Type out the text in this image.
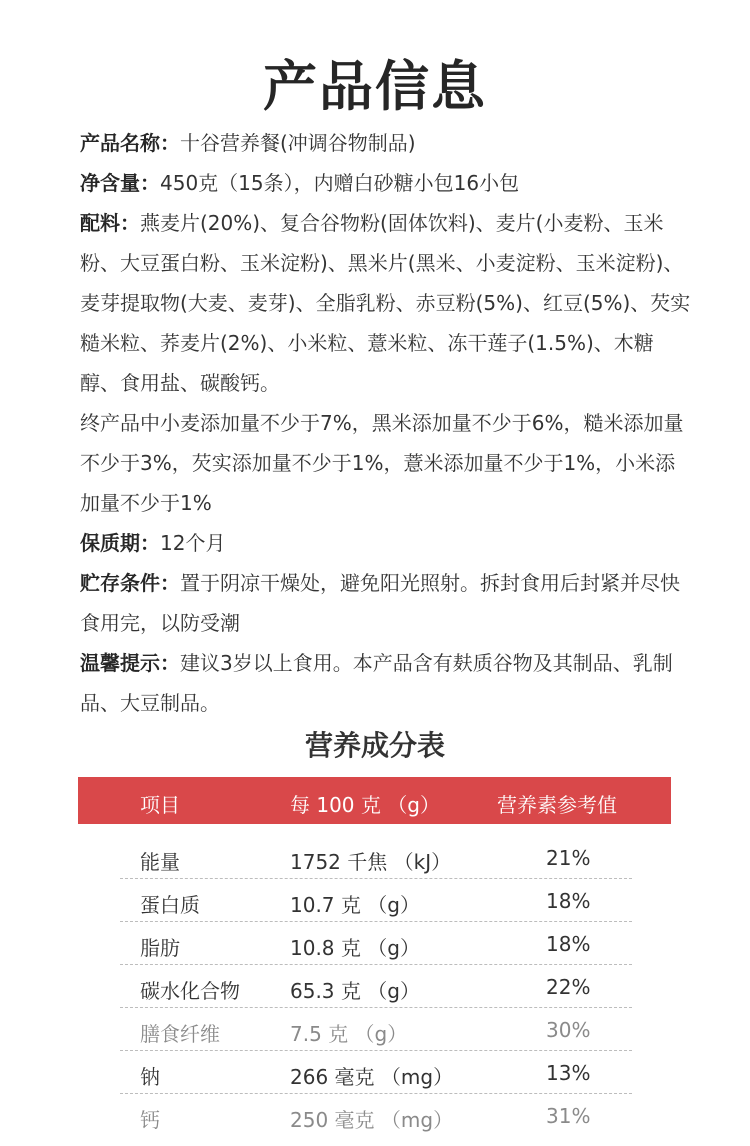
产品信息

产品名称：十谷营养餐(冲调谷物制品)

净含量：450克（15条），内赠白砂糖小包16小包

配料：燕麦片(20%)、复合谷物粉(固体饮料)、麦片(小麦粉、玉米粉、大豆蛋白粉、玉米淀粉)、黑米片(黑米、小麦淀粉、玉米淀粉)、麦芽提取物(大麦、麦芽)、全脂乳粉、赤豆粉(5%)、红豆(5%)、芡实糙米粒、荞麦片(2%)、小米粒、薏米粒、冻干莲子(1.5%)、木糖醇、食用盐、碳酸钙。

终产品中小麦添加量不少于7%，黑米添加量不少于6%，糙米添加量不少于3%，芡实添加量不少于1%，薏米添加量不少于1%，小米添加量不少于1%

保质期：12个月

贮存条件：置于阴凉干燥处，避免阳光照射。拆封食用后封紧并尽快食用完，以防受潮

温馨提示：建议3岁以上食用。本产品含有麸质谷物及其制品、乳制品、大豆制品。

营养成分表
项目	每 100 克 （g）	营养素参考值
能量	1752 千焦 （kJ）	21%
蛋白质	10.7 克 （g）	18%
脂肪	10.8 克 （g）	18%
碳水化合物	65.3 克 （g）	22%
膳食纤维	7.5 克 （g）	30%
钠	266 毫克 （mg）	13%
钙	250 毫克 （mg）	31%
